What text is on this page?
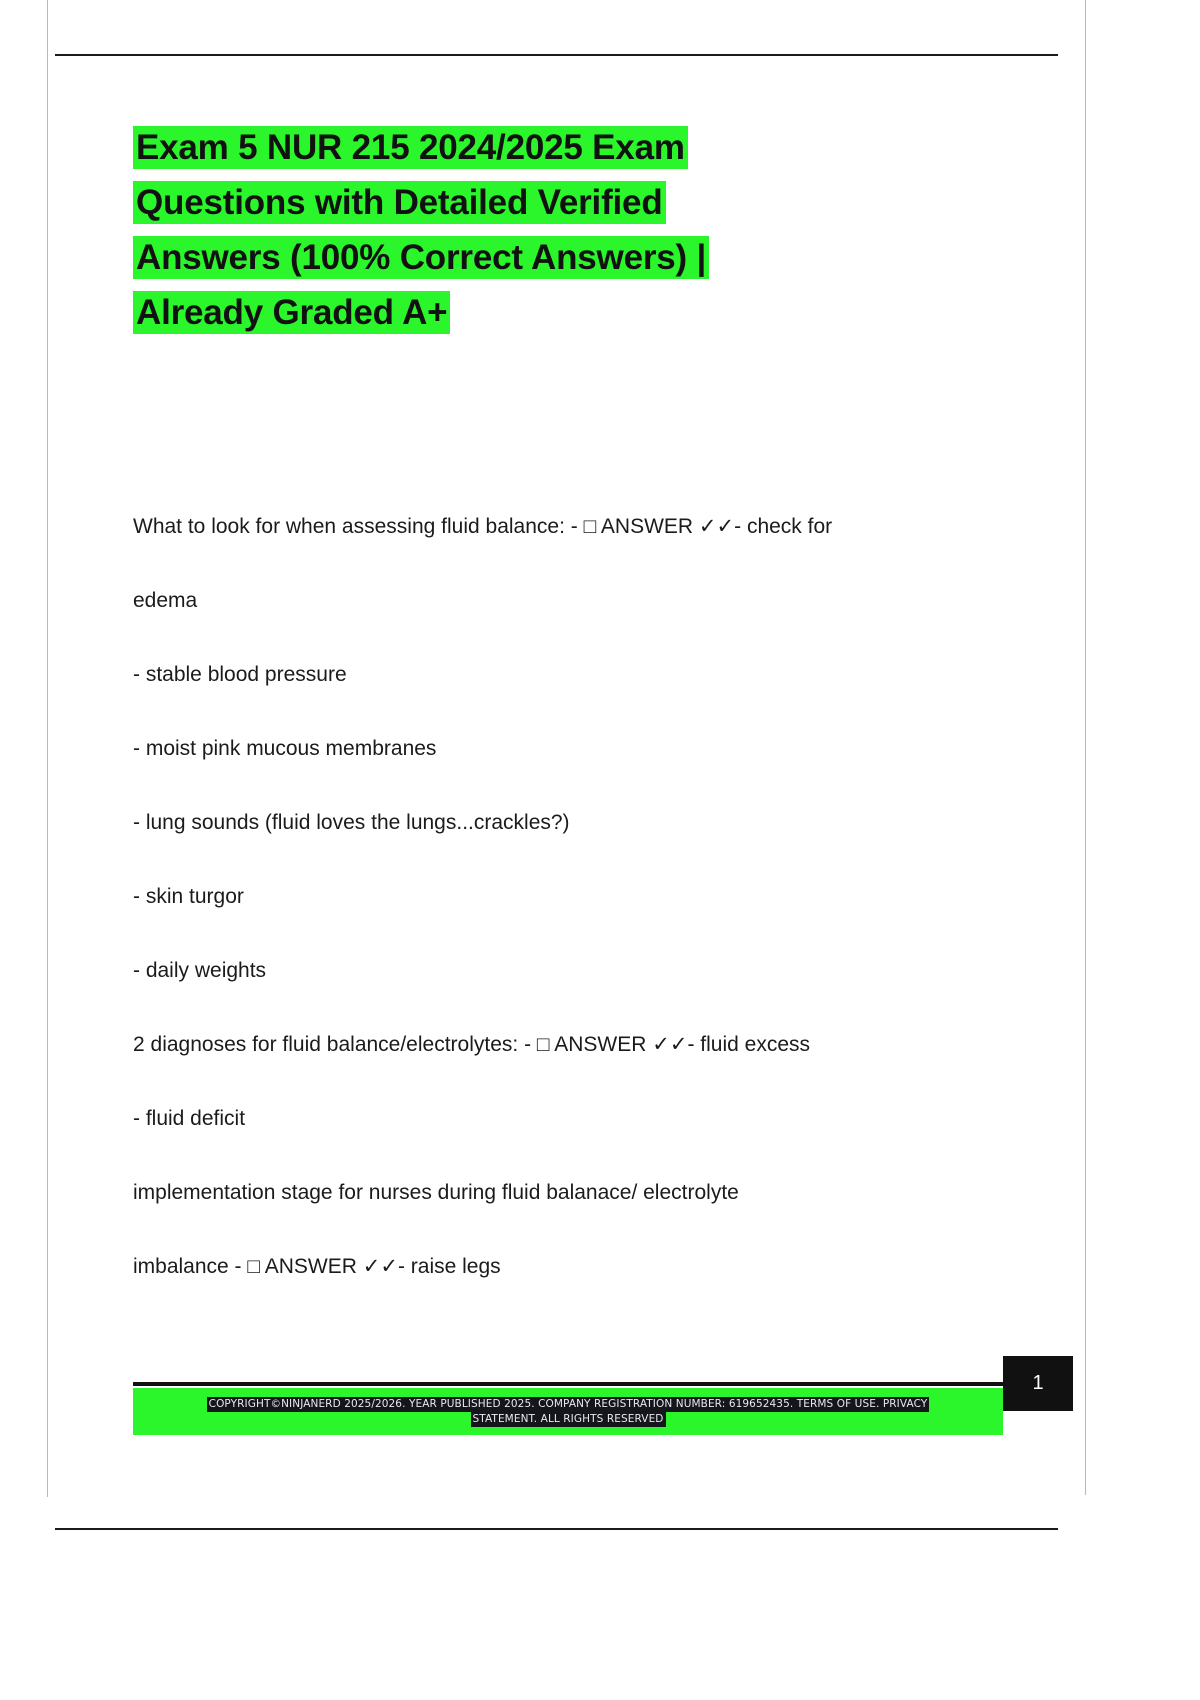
Exam 5 NUR 215 2024/2025 Exam
Questions with Detailed Verified
Answers (100% Correct Answers) |
Already Graded A+

What to look for when assessing fluid balance: - □ ANSWER ✓✓- check for

edema

- stable blood pressure

- moist pink mucous membranes

- lung sounds (fluid loves the lungs...crackles?)

- skin turgor

- daily weights

2 diagnoses for fluid balance/electrolytes: - □ ANSWER ✓✓- fluid excess

- fluid deficit

implementation stage for nurses during fluid balanace/ electrolyte

imbalance - □ ANSWER ✓✓- raise legs

COPYRIGHT©NINJANERD 2025/2026. YEAR PUBLISHED 2025. COMPANY REGISTRATION NUMBER: 619652435. TERMS OF USE. PRIVACY
STATEMENT. ALL RIGHTS RESERVED
1
